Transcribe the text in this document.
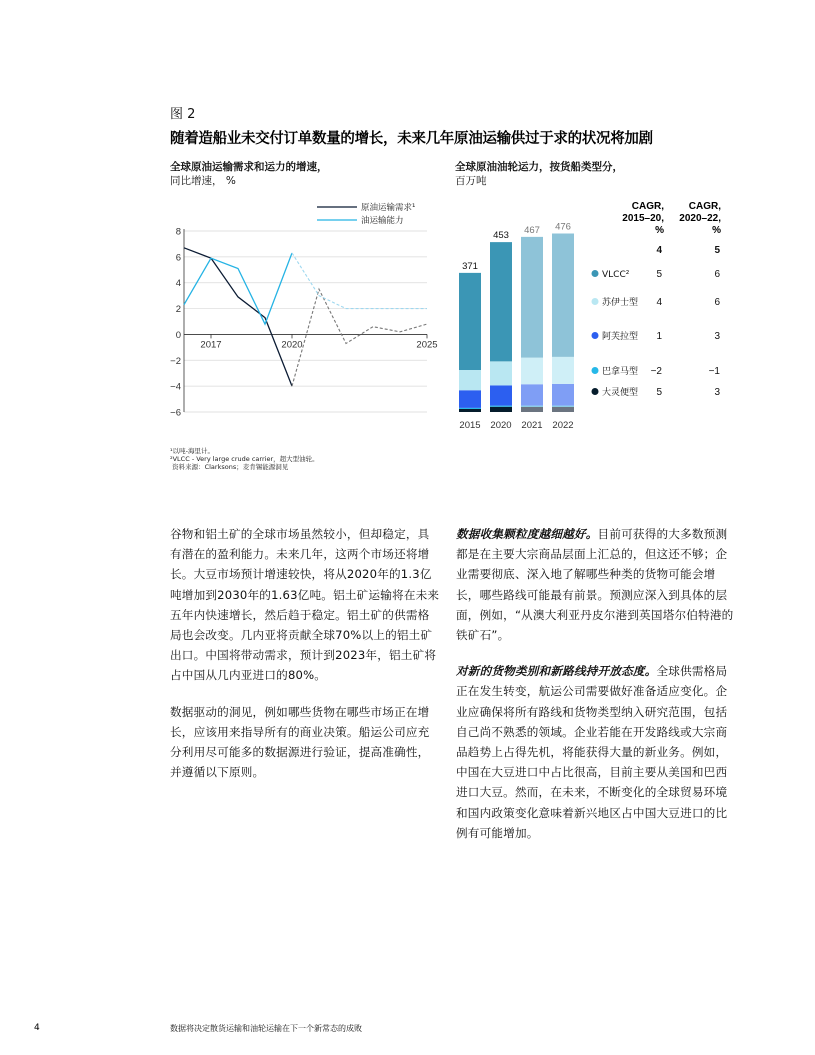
图 2
随着造船业未交付订单数量的增长，未来几年原油运输供过于求的状况将加剧
全球原油运输需求和运力的增速，
同比增速， %
原油运输需求¹
油运输能力
8
6
4
2
0
−2
−4
−6
2017	2020	2025
全球原油油轮运力，按货船类型分，
百万吨
CAGR,
2015–20,
%
CAGR,
2020–22,
%
371
2015
453
2020
467
2021
476
2022
4	5
VLCC²	5	6
苏伊士型 4	6
阿芙拉型 1	3
巴拿马型 −2	−1
大灵便型 5	3
¹以吨-海里计。
²VLCC - Very large crude carrier，超大型油轮。
资料来源：Clarksons；麦肯锡能源洞见

谷物和铝土矿的全球市场虽然较小，但却稳定，具有潜在的盈利能力。未来几年，这两个市场还将增长。大豆市场预计增速较快，将从2020年的1.3亿吨增加到2030年的1.63亿吨。铝土矿运输将在未来五年内快速增长，然后趋于稳定。铝土矿的供需格局也会改变。几内亚将贡献全球70%以上的铝土矿出口。中国将带动需求，预计到2023年，铝土矿将占中国从几内亚进口的80%。

数据驱动的洞见，例如哪些货物在哪些市场正在增长，应该用来指导所有的商业决策。船运公司应充分利用尽可能多的数据源进行验证，提高准确性，并遵循以下原则。

数据收集颗粒度越细越好。目前可获得的大多数预测都是在主要大宗商品层面上汇总的，但这还不够；企业需要彻底、深入地了解哪些种类的货物可能会增长，哪些路线可能最有前景。预测应深入到具体的层面，例如，“从澳大利亚丹皮尔港到英国塔尔伯特港的铁矿石”。

对新的货物类别和新路线持开放态度。全球供需格局正在发生转变，航运公司需要做好准备适应变化。企业应确保将所有路线和货物类型纳入研究范围，包括自己尚不熟悉的领域。企业若能在开发路线或大宗商品趋势上占得先机，将能获得大量的新业务。例如，中国在大豆进口中占比很高，目前主要从美国和巴西进口大豆。然而，在未来，不断变化的全球贸易环境和国内政策变化意味着新兴地区占中国大豆进口的比例有可能增加。

4	数据将决定散货运输和油轮运输在下一个新常态的成败
